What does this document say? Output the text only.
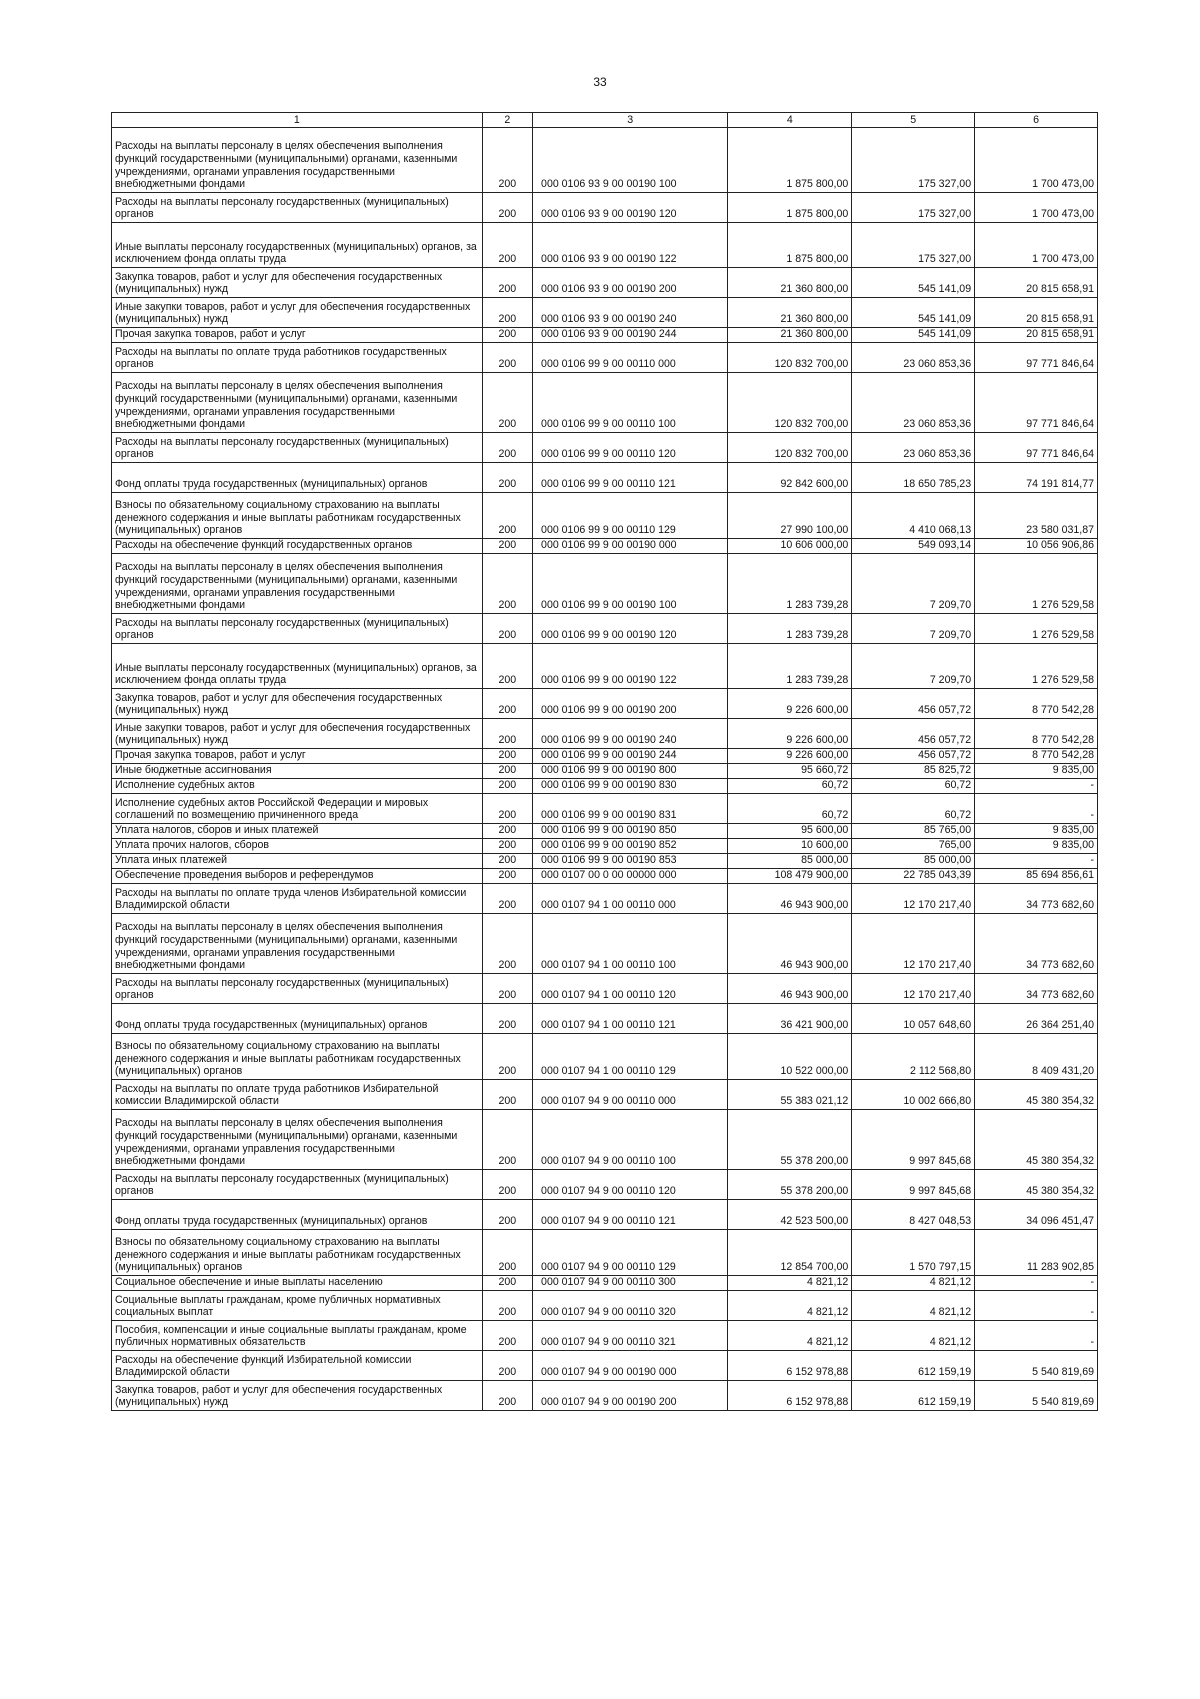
33
1	2	3	4	5	6
Расходы на выплаты персоналу в целях обеспечения выполнения функций государственными (муниципальными) органами, казенными учреждениями, органами управления государственными внебюджетными фондами	200	000 0106 93 9 00 00190 100	1 875 800,00	175 327,00	1 700 473,00
Расходы на выплаты персоналу государственных (муниципальных) органов	200	000 0106 93 9 00 00190 120	1 875 800,00	175 327,00	1 700 473,00
Иные выплаты персоналу государственных (муниципальных) органов, за исключением фонда оплаты труда	200	000 0106 93 9 00 00190 122	1 875 800,00	175 327,00	1 700 473,00
Закупка товаров, работ и услуг для обеспечения государственных (муниципальных) нужд	200	000 0106 93 9 00 00190 200	21 360 800,00	545 141,09	20 815 658,91
Иные закупки товаров, работ и услуг для обеспечения государственных (муниципальных) нужд	200	000 0106 93 9 00 00190 240	21 360 800,00	545 141,09	20 815 658,91
Прочая закупка товаров, работ и услуг	200	000 0106 93 9 00 00190 244	21 360 800,00	545 141,09	20 815 658,91
Расходы на выплаты по оплате труда работников государственных органов	200	000 0106 99 9 00 00110 000	120 832 700,00	23 060 853,36	97 771 846,64
Расходы на выплаты персоналу в целях обеспечения выполнения функций государственными (муниципальными) органами, казенными учреждениями, органами управления государственными внебюджетными фондами	200	000 0106 99 9 00 00110 100	120 832 700,00	23 060 853,36	97 771 846,64
Расходы на выплаты персоналу государственных (муниципальных) органов	200	000 0106 99 9 00 00110 120	120 832 700,00	23 060 853,36	97 771 846,64
Фонд оплаты труда государственных (муниципальных) органов	200	000 0106 99 9 00 00110 121	92 842 600,00	18 650 785,23	74 191 814,77
Взносы по обязательному социальному страхованию на выплаты денежного содержания и иные выплаты работникам государственных (муниципальных) органов	200	000 0106 99 9 00 00110 129	27 990 100,00	4 410 068,13	23 580 031,87
Расходы на обеспечение функций государственных органов	200	000 0106 99 9 00 00190 000	10 606 000,00	549 093,14	10 056 906,86
Расходы на выплаты персоналу в целях обеспечения выполнения функций государственными (муниципальными) органами, казенными учреждениями, органами управления государственными внебюджетными фондами	200	000 0106 99 9 00 00190 100	1 283 739,28	7 209,70	1 276 529,58
Расходы на выплаты персоналу государственных (муниципальных) органов	200	000 0106 99 9 00 00190 120	1 283 739,28	7 209,70	1 276 529,58
Иные выплаты персоналу государственных (муниципальных) органов, за исключением фонда оплаты труда	200	000 0106 99 9 00 00190 122	1 283 739,28	7 209,70	1 276 529,58
Закупка товаров, работ и услуг для обеспечения государственных (муниципальных) нужд	200	000 0106 99 9 00 00190 200	9 226 600,00	456 057,72	8 770 542,28
Иные закупки товаров, работ и услуг для обеспечения государственных (муниципальных) нужд	200	000 0106 99 9 00 00190 240	9 226 600,00	456 057,72	8 770 542,28
Прочая закупка товаров, работ и услуг	200	000 0106 99 9 00 00190 244	9 226 600,00	456 057,72	8 770 542,28
Иные бюджетные ассигнования	200	000 0106 99 9 00 00190 800	95 660,72	85 825,72	9 835,00
Исполнение судебных актов	200	000 0106 99 9 00 00190 830	60,72	60,72	-
Исполнение судебных актов Российской Федерации и мировых соглашений по возмещению причиненного вреда	200	000 0106 99 9 00 00190 831	60,72	60,72	-
Уплата налогов, сборов и иных платежей	200	000 0106 99 9 00 00190 850	95 600,00	85 765,00	9 835,00
Уплата прочих налогов, сборов	200	000 0106 99 9 00 00190 852	10 600,00	765,00	9 835,00
Уплата иных платежей	200	000 0106 99 9 00 00190 853	85 000,00	85 000,00	-
Обеспечение проведения выборов и референдумов	200	000 0107 00 0 00 00000 000	108 479 900,00	22 785 043,39	85 694 856,61
Расходы на выплаты по оплате труда членов Избирательной комиссии Владимирской области	200	000 0107 94 1 00 00110 000	46 943 900,00	12 170 217,40	34 773 682,60
Расходы на выплаты персоналу в целях обеспечения выполнения функций государственными (муниципальными) органами, казенными учреждениями, органами управления государственными внебюджетными фондами	200	000 0107 94 1 00 00110 100	46 943 900,00	12 170 217,40	34 773 682,60
Расходы на выплаты персоналу государственных (муниципальных) органов	200	000 0107 94 1 00 00110 120	46 943 900,00	12 170 217,40	34 773 682,60
Фонд оплаты труда государственных (муниципальных) органов	200	000 0107 94 1 00 00110 121	36 421 900,00	10 057 648,60	26 364 251,40
Взносы по обязательному социальному страхованию на выплаты денежного содержания и иные выплаты работникам государственных (муниципальных) органов	200	000 0107 94 1 00 00110 129	10 522 000,00	2 112 568,80	8 409 431,20
Расходы на выплаты по оплате труда работников Избирательной комиссии Владимирской области	200	000 0107 94 9 00 00110 000	55 383 021,12	10 002 666,80	45 380 354,32
Расходы на выплаты персоналу в целях обеспечения выполнения функций государственными (муниципальными) органами, казенными учреждениями, органами управления государственными внебюджетными фондами	200	000 0107 94 9 00 00110 100	55 378 200,00	9 997 845,68	45 380 354,32
Расходы на выплаты персоналу государственных (муниципальных) органов	200	000 0107 94 9 00 00110 120	55 378 200,00	9 997 845,68	45 380 354,32
Фонд оплаты труда государственных (муниципальных) органов	200	000 0107 94 9 00 00110 121	42 523 500,00	8 427 048,53	34 096 451,47
Взносы по обязательному социальному страхованию на выплаты денежного содержания и иные выплаты работникам государственных (муниципальных) органов	200	000 0107 94 9 00 00110 129	12 854 700,00	1 570 797,15	11 283 902,85
Социальное обеспечение и иные выплаты населению	200	000 0107 94 9 00 00110 300	4 821,12	4 821,12	-
Социальные выплаты гражданам, кроме публичных нормативных социальных выплат	200	000 0107 94 9 00 00110 320	4 821,12	4 821,12	-
Пособия, компенсации и иные социальные выплаты гражданам, кроме публичных нормативных обязательств	200	000 0107 94 9 00 00110 321	4 821,12	4 821,12	-
Расходы на обеспечение функций Избирательной комиссии Владимирской области	200	000 0107 94 9 00 00190 000	6 152 978,88	612 159,19	5 540 819,69
Закупка товаров, работ и услуг для обеспечения государственных (муниципальных) нужд	200	000 0107 94 9 00 00190 200	6 152 978,88	612 159,19	5 540 819,69
